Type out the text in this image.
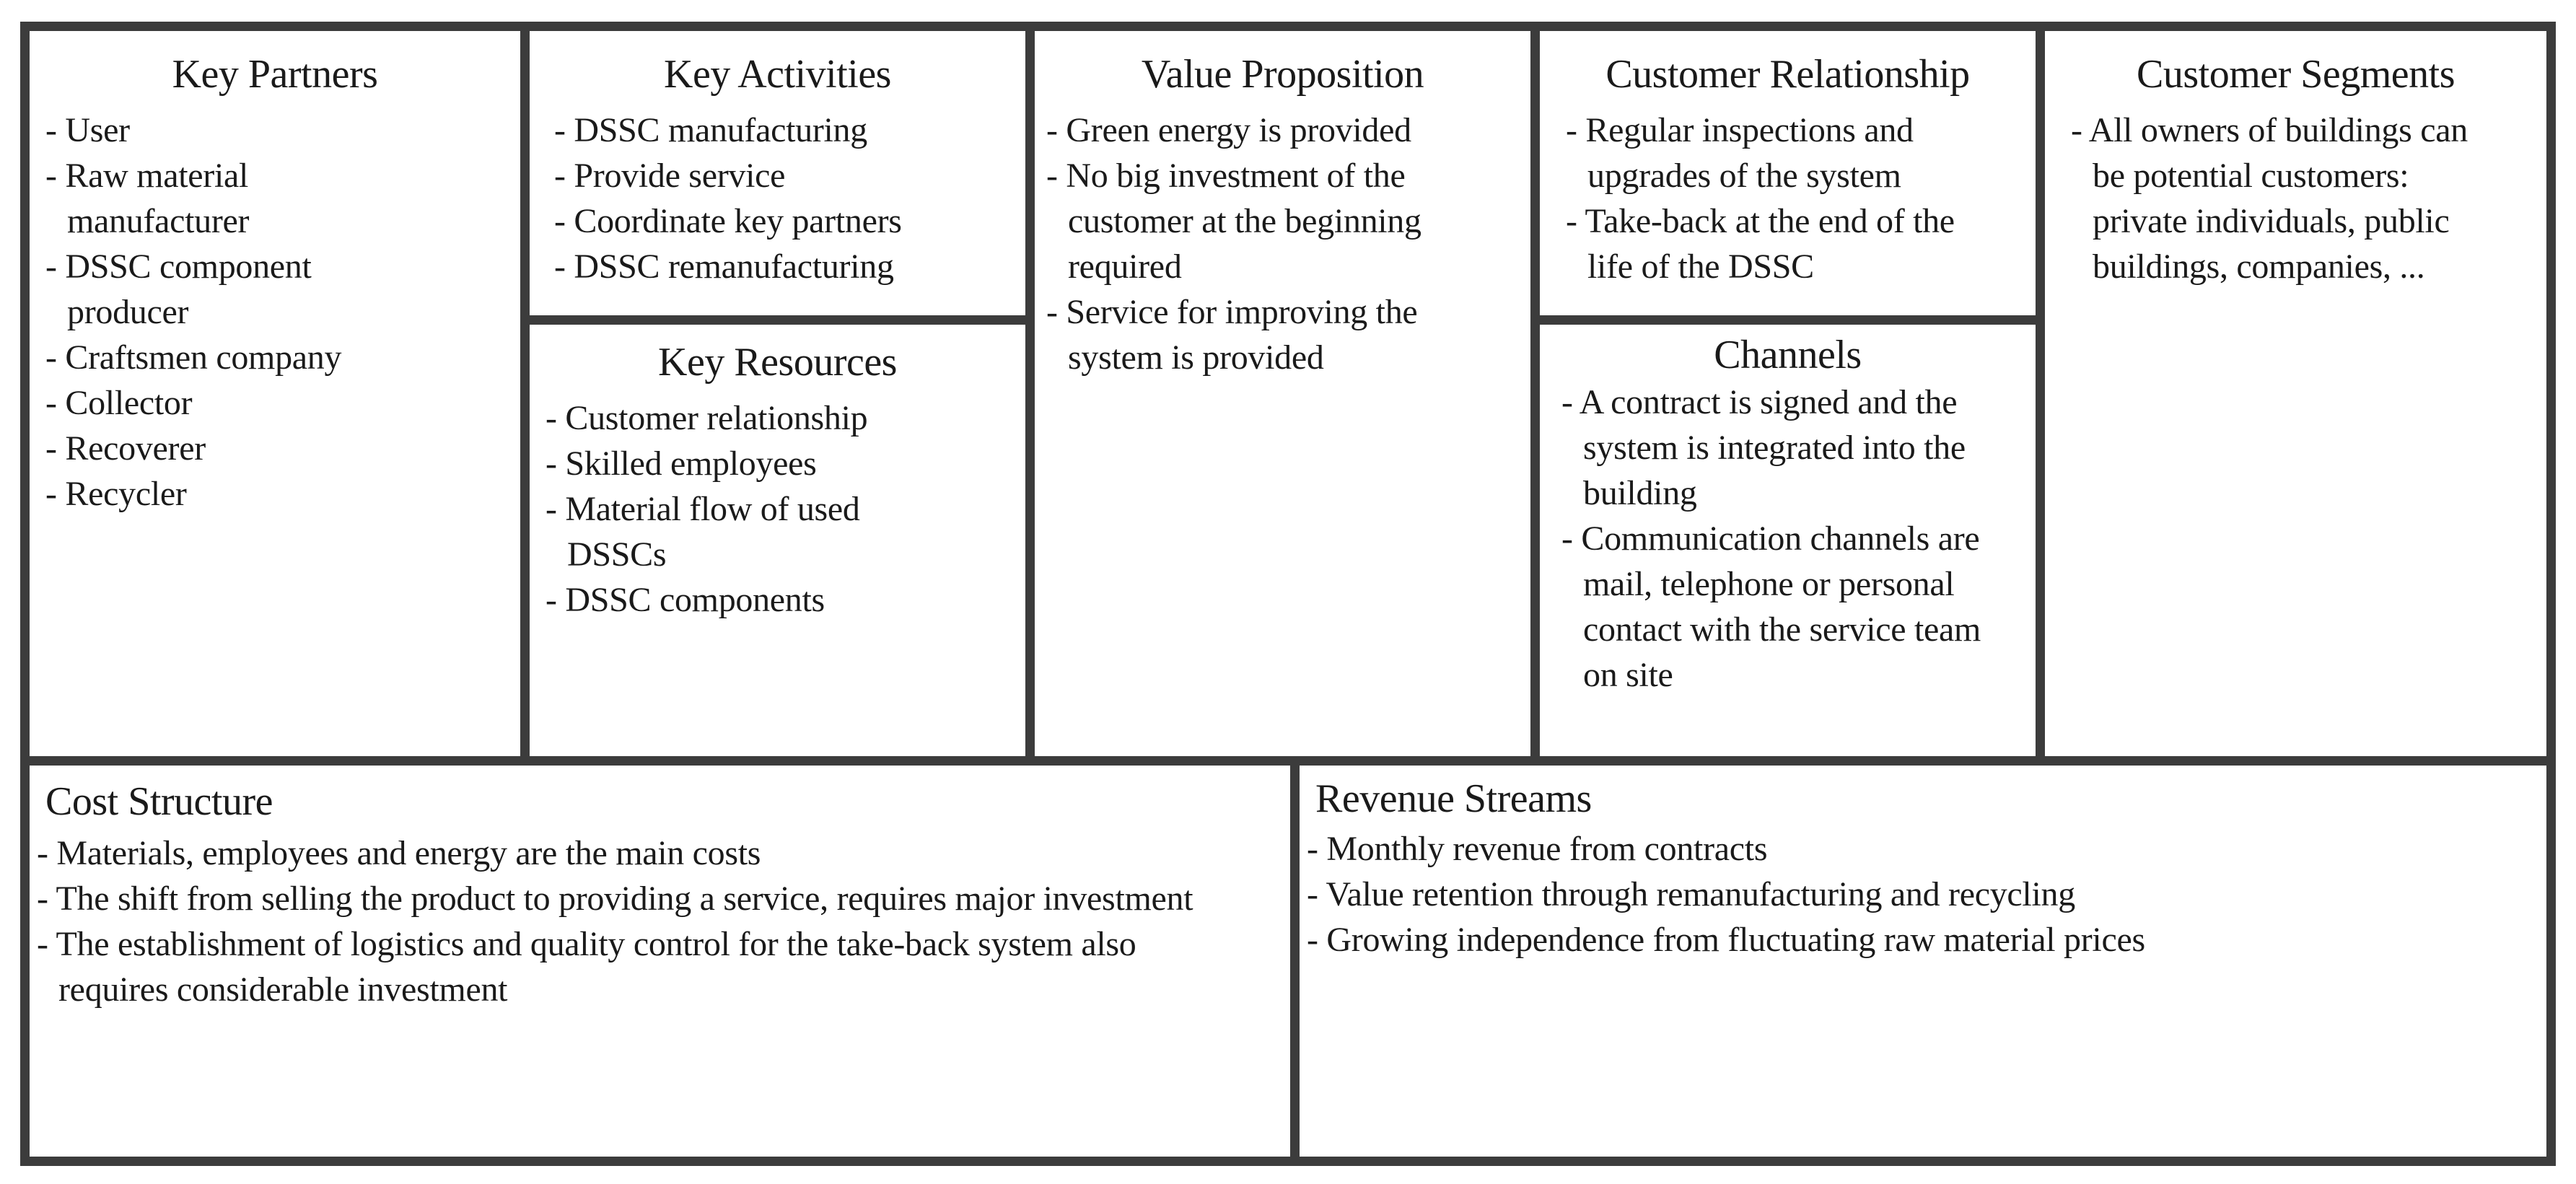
Key Partners
- User
- Raw material manufacturer
- DSSC component producer
- Craftsmen company
- Collector
- Recoverer
- Recycler
Key Activities
- DSSC manufacturing
- Provide service
- Coordinate key partners
- DSSC remanufacturing
Key Resources
- Customer relationship
- Skilled employees
- Material flow of used DSSCs
- DSSC components
Value Proposition
- Green energy is provided
- No big investment of the customer at the beginning required
- Service for improving the system is provided
Customer Relationship
- Regular inspections and upgrades of the system
- Take-back at the end of the life of the DSSC
Channels
- A contract is signed and the system is integrated into the building
- Communication channels are mail, telephone or personal contact with the service team on site
Customer Segments
- All owners of buildings can be potential customers: private individuals, public buildings, companies, ...
Cost Structure
- Materials, employees and energy are the main costs
- The shift from selling the product to providing a service, requires major investment
- The establishment of logistics and quality control for the take-back system also requires considerable investment
Revenue Streams
- Monthly revenue from contracts
- Value retention through remanufacturing and recycling
- Growing independence from fluctuating raw material prices
